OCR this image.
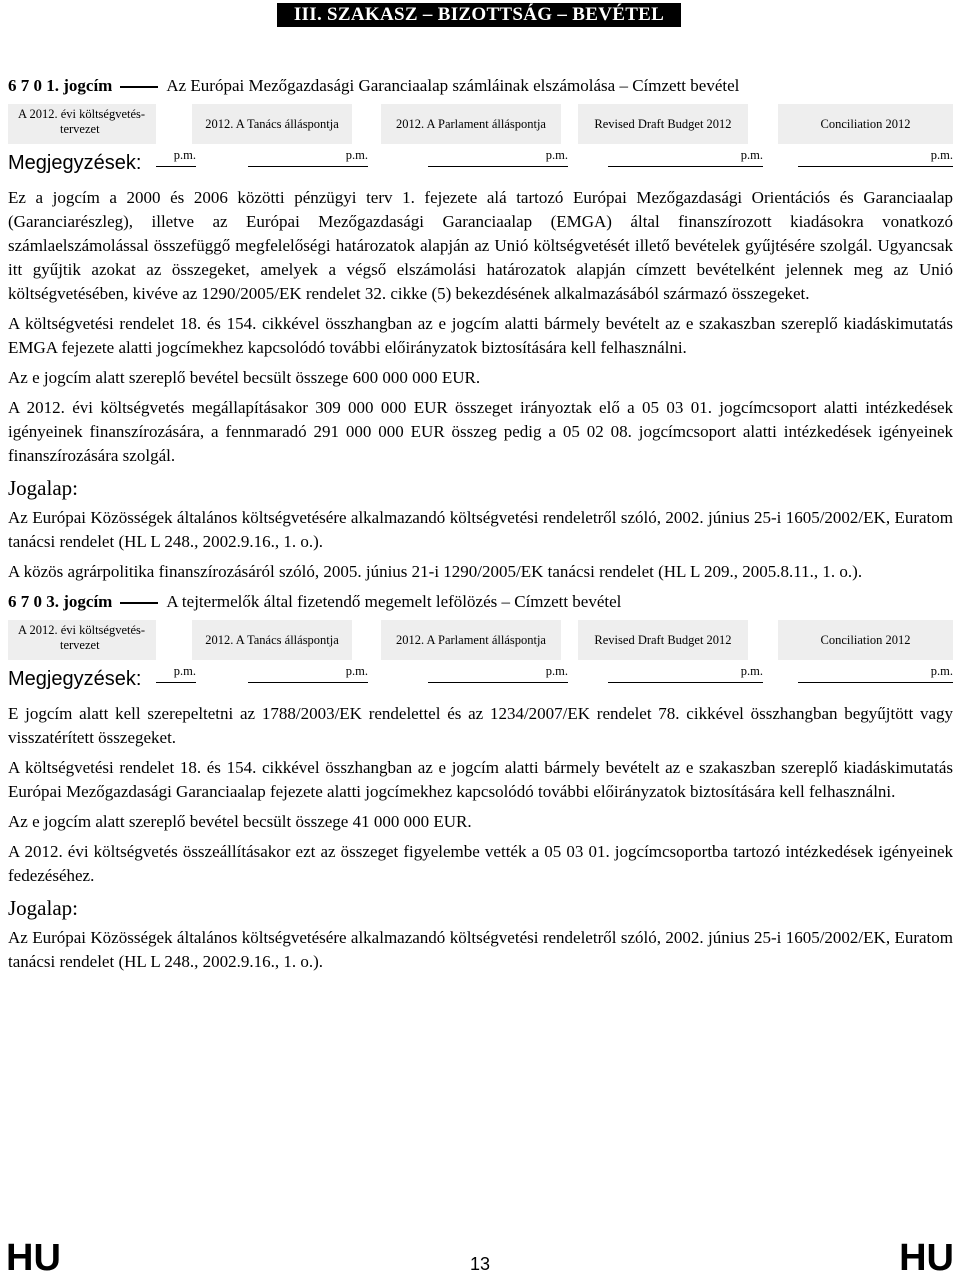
III. SZAKASZ – BIZOTTSÁG – BEVÉTEL
6 7 0 1. jogcím	Az Európai Mezőgazdasági Garanciaalap számláinak elszámolása – Címzett bevétel
A 2012. évi költségvetés-
tervezet	2012. A Tanács álláspontja	2012. A Parlament álláspontja	Revised Draft Budget 2012	Conciliation 2012
p.m.	p.m.	p.m.	p.m.	p.m.
Megjegyzések:

Ez a jogcím a 2000 és 2006 közötti pénzügyi terv 1. fejezete alá tartozó Európai Mezőgazdasági Orientációs és Garanciaalap (Garanciarészleg), illetve az Európai Mezőgazdasági Garanciaalap (EMGA) által finanszírozott kiadásokra vonatkozó számlaelszámolással összefüggő megfelelőségi határozatok alapján az Unió költségvetését illető bevételek gyűjtésére szolgál. Ugyancsak itt gyűjtik azokat az összegeket, amelyek a végső elszámolási határozatok alapján címzett bevételként jelennek meg az Unió költségvetésében, kivéve az 1290/2005/EK rendelet 32. cikke (5) bekezdésének alkalmazásából származó összegeket.

A költségvetési rendelet 18. és 154. cikkével összhangban az e jogcím alatti bármely bevételt az e szakaszban szereplő kiadáskimutatás EMGA fejezete alatti jogcímekhez kapcsolódó további előirányzatok biztosítására kell felhasználni.

Az e jogcím alatt szereplő bevétel becsült összege 600 000 000 EUR.

A 2012. évi költségvetés megállapításakor 309 000 000 EUR összeget irányoztak elő a 05 03 01. jogcímcsoport alatti intézkedések igényeinek finanszírozására, a fennmaradó 291 000 000 EUR összeg pedig a 05 02 08. jogcímcsoport alatti intézkedések igényeinek finanszírozására szolgál.

Jogalap:

Az Európai Közösségek általános költségvetésére alkalmazandó költségvetési rendeletről szóló, 2002. június 25-i 1605/2002/EK, Euratom tanácsi rendelet (HL L 248., 2002.9.16., 1. o.).

A közös agrárpolitika finanszírozásáról szóló, 2005. június 21-i 1290/2005/EK tanácsi rendelet (HL L 209., 2005.8.11., 1. o.).

6 7 0 3. jogcím	A tejtermelők által fizetendő megemelt lefölözés – Címzett bevétel
A 2012. évi költségvetés-
tervezet	2012. A Tanács álláspontja	2012. A Parlament álláspontja	Revised Draft Budget 2012	Conciliation 2012
p.m.	p.m.	p.m.	p.m.	p.m.
Megjegyzések:

E jogcím alatt kell szerepeltetni az 1788/2003/EK rendelettel és az 1234/2007/EK rendelet 78. cikkével összhangban begyűjtött vagy visszatérített összegeket.

A költségvetési rendelet 18. és 154. cikkével összhangban az e jogcím alatti bármely bevételt az e szakaszban szereplő kiadáskimutatás Európai Mezőgazdasági Garanciaalap fejezete alatti jogcímekhez kapcsolódó további előirányzatok biztosítására kell felhasználni.

Az e jogcím alatt szereplő bevétel becsült összege 41 000 000 EUR.

A 2012. évi költségvetés összeállításakor ezt az összeget figyelembe vették a 05 03 01. jogcímcsoportba tartozó intézkedések igényeinek fedezéséhez.

Jogalap:

Az Európai Közösségek általános költségvetésére alkalmazandó költségvetési rendeletről szóló, 2002. június 25-i 1605/2002/EK, Euratom tanácsi rendelet (HL L 248., 2002.9.16., 1. o.).

HU	13	HU
